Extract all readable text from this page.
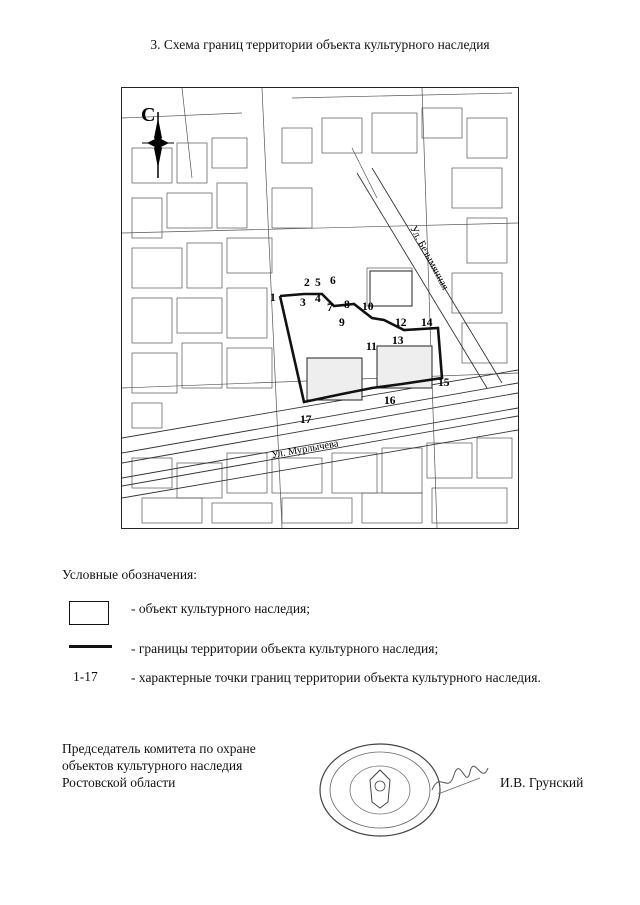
3. Схема границ территории объекта культурного наследия
С
Ул. Мурлычева
Ул. Безымянная
1
2
3 4
5 6
7 8
9
10
11
12
13
14
15
16
17
Условные обозначения:
- объект культурного наследия;
- границы территории объекта культурного наследия;
1-17 - характерные точки границ территории объекта культурного наследия.
Председатель комитета по охране
объектов культурного наследия
Ростовской области	И.В. Грунский
